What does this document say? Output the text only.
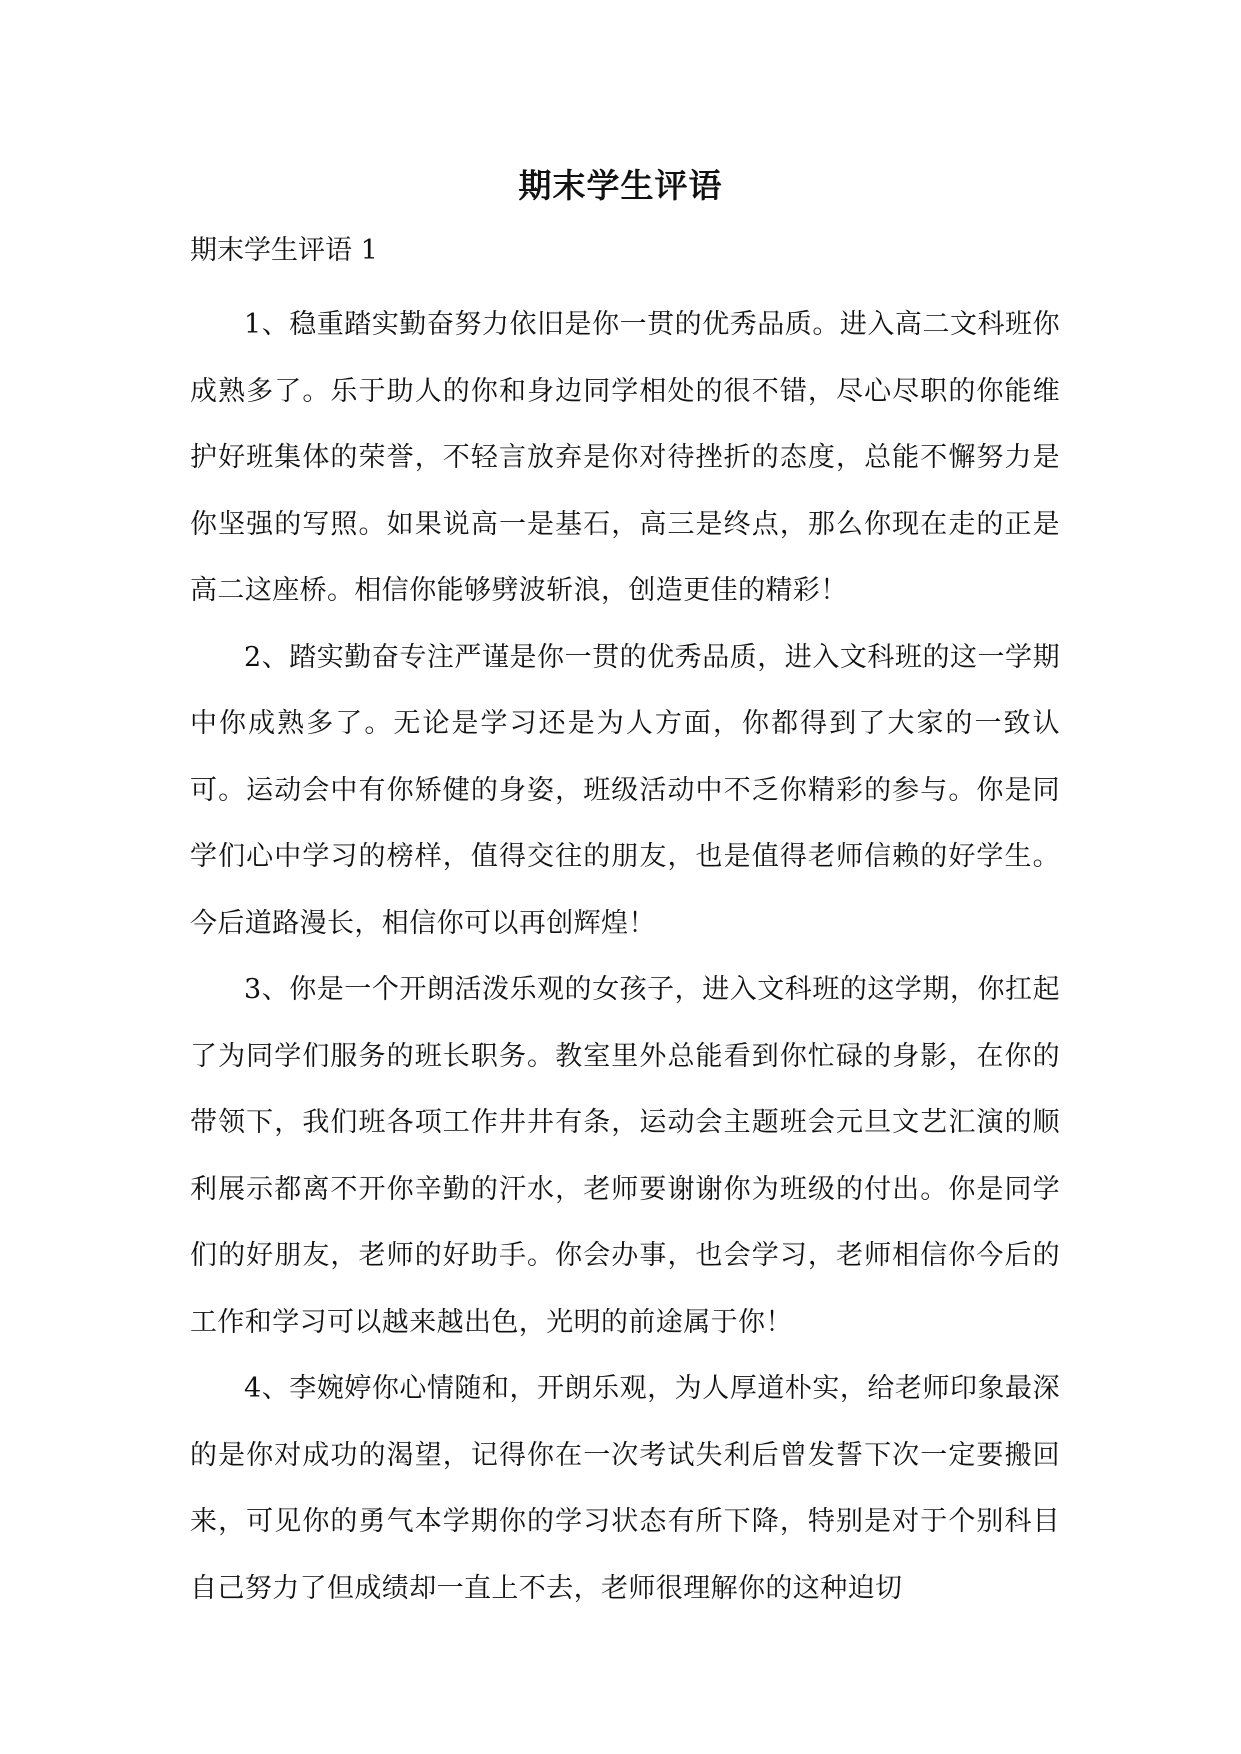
期末学生评语

期末学生评语 1

1、稳重踏实勤奋努力依旧是你一贯的优秀品质。进入高二文科班你成熟多了。乐于助人的你和身边同学相处的很不错，尽心尽职的你能维护好班集体的荣誉，不轻言放弃是你对待挫折的态度，总能不懈努力是你坚强的写照。如果说高一是基石，高三是终点，那么你现在走的正是高二这座桥。相信你能够劈波斩浪，创造更佳的精彩！

2、踏实勤奋专注严谨是你一贯的优秀品质，进入文科班的这一学期中你成熟多了。无论是学习还是为人方面，你都得到了大家的一致认可。运动会中有你矫健的身姿，班级活动中不乏你精彩的参与。你是同学们心中学习的榜样，值得交往的朋友，也是值得老师信赖的好学生。今后道路漫长，相信你可以再创辉煌！

3、你是一个开朗活泼乐观的女孩子，进入文科班的这学期，你扛起了为同学们服务的班长职务。教室里外总能看到你忙碌的身影，在你的带领下，我们班各项工作井井有条，运动会主题班会元旦文艺汇演的顺利展示都离不开你辛勤的汗水，老师要谢谢你为班级的付出。你是同学们的好朋友，老师的好助手。你会办事，也会学习，老师相信你今后的工作和学习可以越来越出色，光明的前途属于你！

4、李婉婷你心情随和，开朗乐观，为人厚道朴实，给老师印象最深的是你对成功的渴望，记得你在一次考试失利后曾发誓下次一定要搬回来，可见你的勇气本学期你的学习状态有所下降，特别是对于个别科目自己努力了但成绩却一直上不去，老师很理解你的这种迫切
